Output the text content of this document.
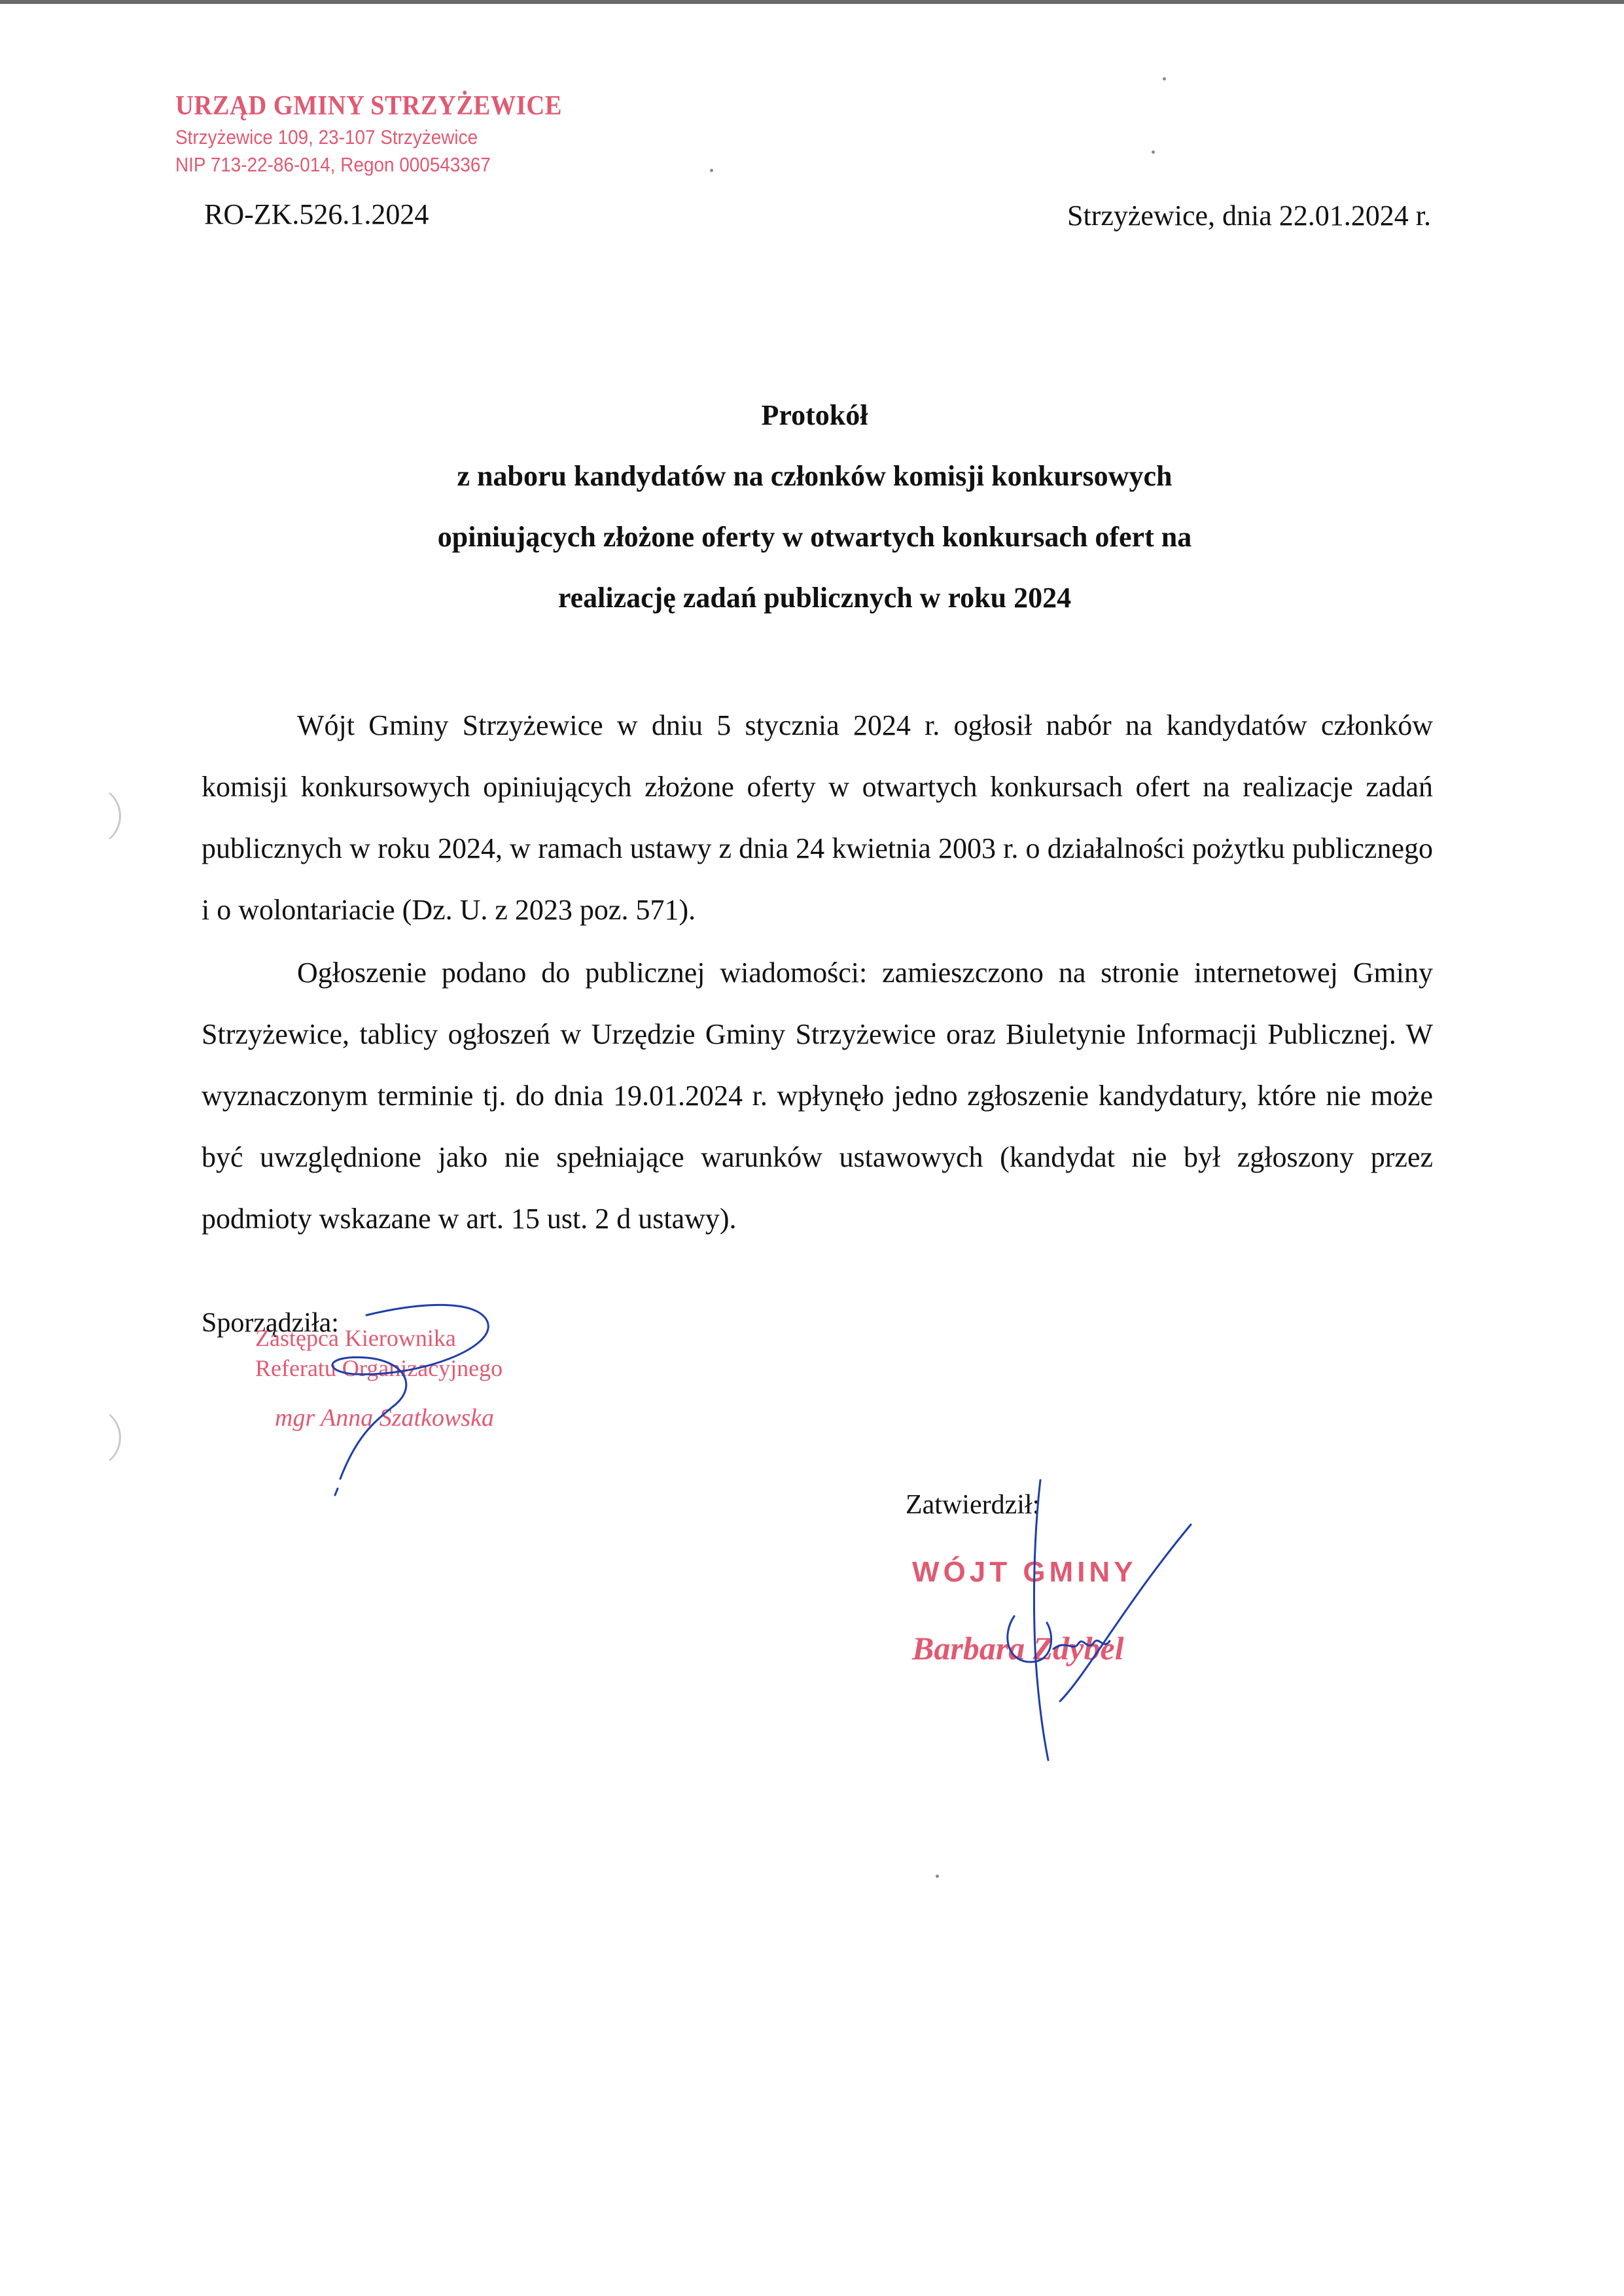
URZĄD GMINY STRZYŻEWICE
Strzyżewice 109, 23-107 Strzyżewice
NIP 713-22-86-014, Regon 000543367
RO-ZK.526.1.2024	Strzyżewice, dnia 22.01.2024 r.
Protokół
z naboru kandydatów na członków komisji konkursowych
opiniujących złożone oferty w otwartych konkursach ofert na
realizację zadań publicznych w roku 2024

Wójt Gminy Strzyżewice w dniu 5 stycznia 2024 r. ogłosił nabór na kandydatów członków komisji konkursowych opiniujących złożone oferty w otwartych konkursach ofert na realizacje zadań publicznych w roku 2024, w ramach ustawy z dnia 24 kwietnia 2003 r. o działalności pożytku publicznego i o wolontariacie (Dz. U. z 2023 poz. 571).

Ogłoszenie podano do publicznej wiadomości: zamieszczono na stronie internetowej Gminy Strzyżewice, tablicy ogłoszeń w Urzędzie Gminy Strzyżewice oraz Biuletynie Informacji Publicznej. W wyznaczonym terminie tj. do dnia 19.01.2024 r. wpłynęło jedno zgłoszenie kandydatury, które nie może być uwzględnione jako nie spełniające warunków ustawowych (kandydat nie był zgłoszony przez podmioty wskazane w art. 15 ust. 2 d ustawy).

Sporządziła:
Zastępca Kierownika
Referatu Organizacyjnego
mgr Anna Szatkowska
Zatwierdził:
WÓJT GMINY
Barbara Zdybel
